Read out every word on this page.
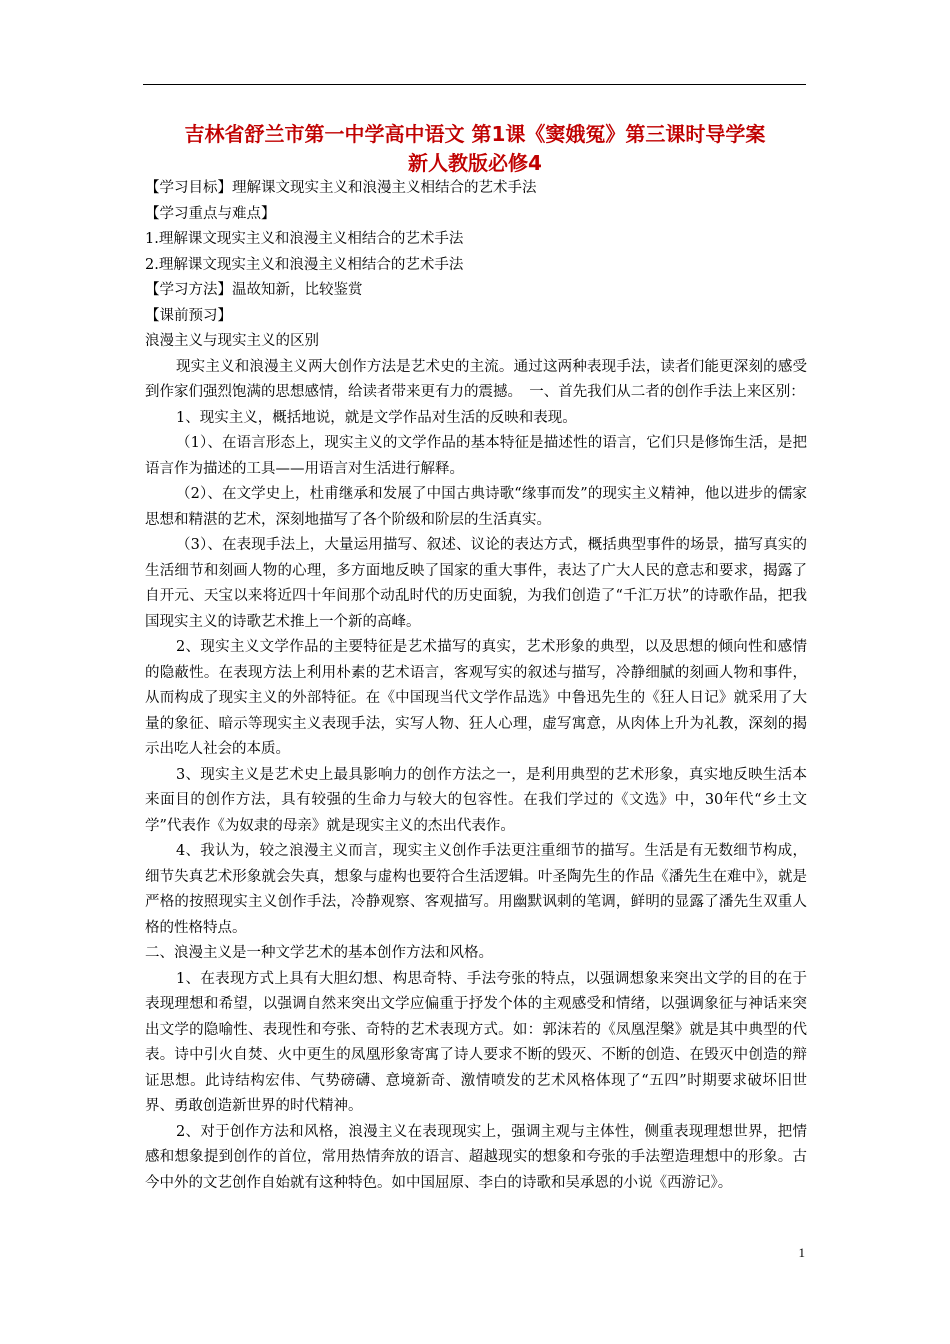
吉林省舒兰市第一中学高中语文 第1课《窦娥冤》第三课时导学案
新人教版必修4

【学习目标】理解课文现实主义和浪漫主义相结合的艺术手法

【学习重点与难点】

1.理解课文现实主义和浪漫主义相结合的艺术手法

2.理解课文现实主义和浪漫主义相结合的艺术手法

【学习方法】温故知新，比较鉴赏

【课前预习】

浪漫主义与现实主义的区别

现实主义和浪漫主义两大创作方法是艺术史的主流。通过这两种表现手法，读者们能更深刻的感受到作家们强烈饱满的思想感情，给读者带来更有力的震撼。　一、首先我们从二者的创作手法上来区别：

1、现实主义，概括地说，就是文学作品对生活的反映和表现。

（1）、在语言形态上，现实主义的文学作品的基本特征是描述性的语言，它们只是修饰生活，是把语言作为描述的工具——用语言对生活进行解释。

（2）、在文学史上，杜甫继承和发展了中国古典诗歌“缘事而发”的现实主义精神，他以进步的儒家思想和精湛的艺术，深刻地描写了各个阶级和阶层的生活真实。

（3）、在表现手法上，大量运用描写、叙述、议论的表达方式，概括典型事件的场景，描写真实的生活细节和刻画人物的心理，多方面地反映了国家的重大事件，表达了广大人民的意志和要求，揭露了自开元、天宝以来将近四十年间那个动乱时代的历史面貌，为我们创造了“千汇万状”的诗歌作品，把我国现实主义的诗歌艺术推上一个新的高峰。

2、现实主义文学作品的主要特征是艺术描写的真实，艺术形象的典型，以及思想的倾向性和感情的隐蔽性。在表现方法上利用朴素的艺术语言，客观写实的叙述与描写，冷静细腻的刻画人物和事件，从而构成了现实主义的外部特征。在《中国现当代文学作品选》中鲁迅先生的《狂人日记》就采用了大量的象征、暗示等现实主义表现手法，实写人物、狂人心理，虚写寓意，从肉体上升为礼教，深刻的揭示出吃人社会的本质。

3、现实主义是艺术史上最具影响力的创作方法之一，是利用典型的艺术形象，真实地反映生活本来面目的创作方法，具有较强的生命力与较大的包容性。在我们学过的《文选》中，30年代“乡土文学”代表作《为奴隶的母亲》就是现实主义的杰出代表作。

4、我认为，较之浪漫主义而言，现实主义创作手法更注重细节的描写。生活是有无数细节构成，细节失真艺术形象就会失真，想象与虚构也要符合生活逻辑。叶圣陶先生的作品《潘先生在难中》，就是严格的按照现实主义创作手法，冷静观察、客观描写。用幽默讽刺的笔调，鲜明的显露了潘先生双重人格的性格特点。

二、浪漫主义是一种文学艺术的基本创作方法和风格。

1、在表现方式上具有大胆幻想、构思奇特、手法夸张的特点，以强调想象来突出文学的目的在于表现理想和希望，以强调自然来突出文学应偏重于抒发个体的主观感受和情绪，以强调象征与神话来突出文学的隐喻性、表现性和夸张、奇特的艺术表现方式。如：郭沫若的《凤凰涅槃》就是其中典型的代表。诗中引火自焚、火中更生的凤凰形象寄寓了诗人要求不断的毁灭、不断的创造、在毁灭中创造的辩证思想。此诗结构宏伟、气势磅礴、意境新奇、激情喷发的艺术风格体现了“五四”时期要求破坏旧世界、勇敢创造新世界的时代精神。

2、对于创作方法和风格，浪漫主义在表现现实上，强调主观与主体性，侧重表现理想世界，把情感和想象提到创作的首位，常用热情奔放的语言、超越现实的想象和夸张的手法塑造理想中的形象。古今中外的文艺创作自始就有这种特色。如中国屈原、李白的诗歌和吴承恩的小说《西游记》。

1
